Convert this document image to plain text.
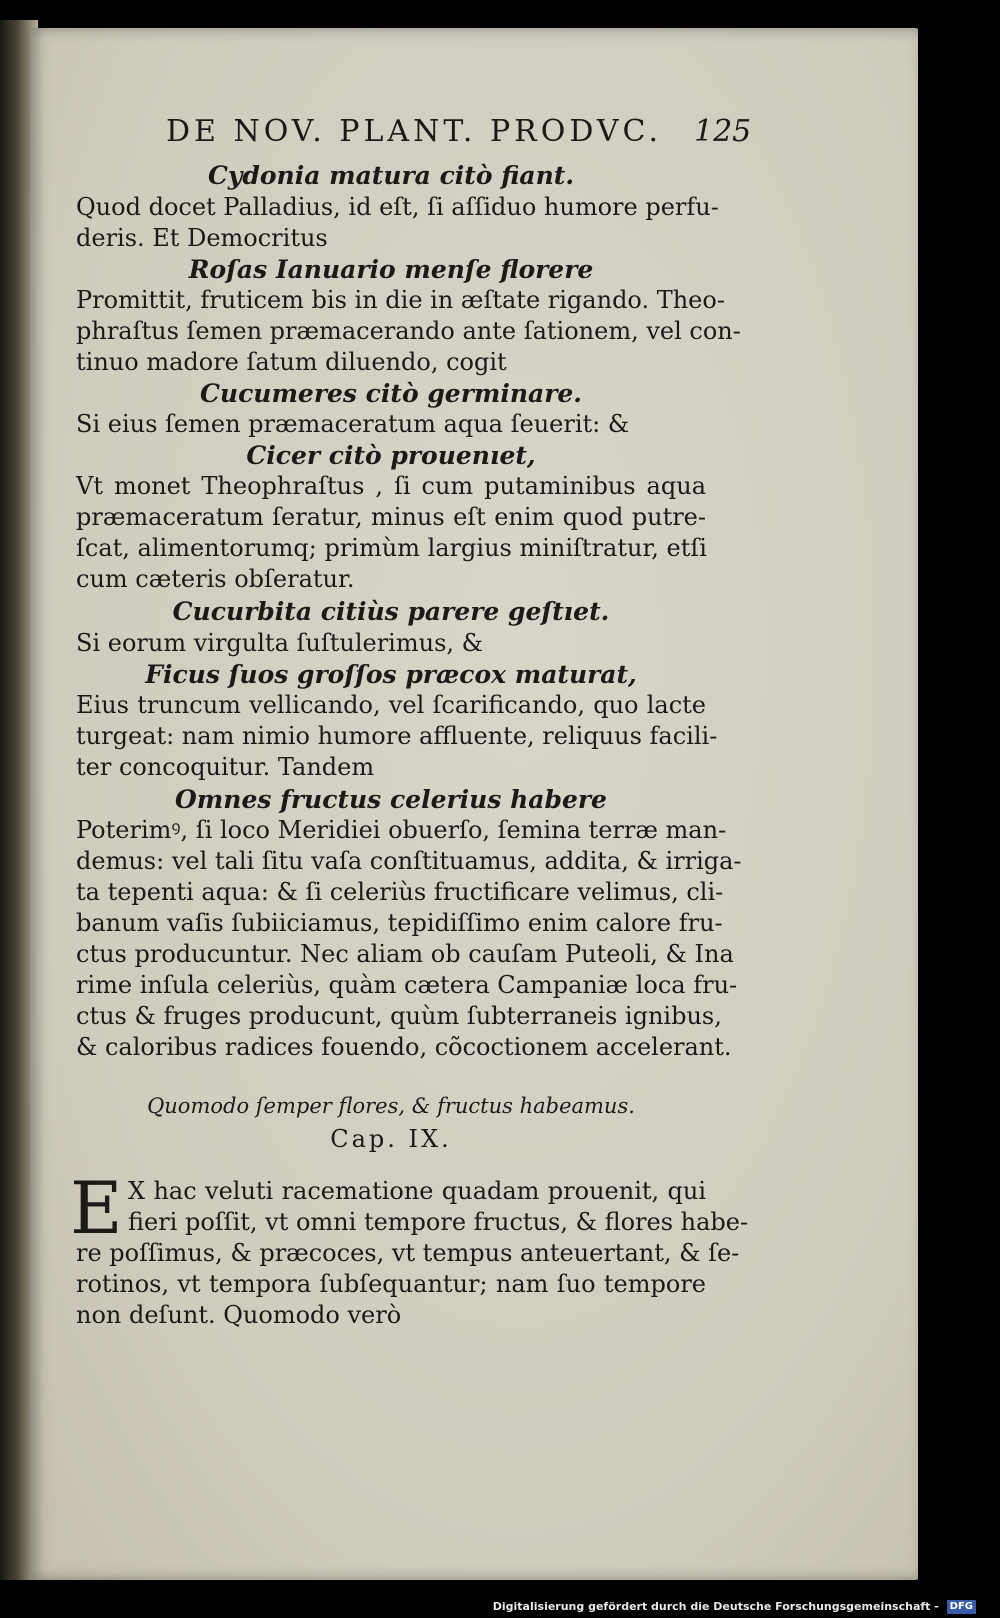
DE NOV. PLANT. PRODVC.	125
Cydonia matura citò fiant.
Quod docet Palladius, id eſt, ſi aſſiduo humore perfu-
deris. Et Democritus
Roſas Ianuario menſe florere
Promittit, fruticem bis in die in æſtate rigando. Theo-
phraſtus ſemen præmacerando ante ſationem, vel con-
tinuo madore ſatum diluendo, cogit
Cucumeres citò germinare.
Si eius ſemen præmaceratum aqua ſeuerit: &
Cicer citò prouenıet,
Vt monet Theophraſtus , ſi cum putaminibus aqua
præmaceratum ſeratur, minus eſt enim quod putre-
ſcat, alimentorumq; primùm largius miniſtratur, etſi
cum cæteris obſeratur.
Cucurbita citiùs parere geſtıet.
Si eorum virgulta ſuſtulerimus, &
Ficus ſuos groſſos præcox maturat,
Eius truncum vellicando, vel ſcarificando, quo lacte
turgeat: nam nimio humore affluente, reliquus facili-
ter concoquitur. Tandem
Omnes fructus celerius habere
Poterimꝰ, ſi loco Meridiei obuerſo, ſemina terræ man-
demus: vel tali ſitu vaſa conſtituamus, addita, & irriga-
ta tepenti aqua: & ſi celeriùs fructificare velimus, cli-
banum vaſis ſubiiciamus, tepidiſſimo enim calore fru-
ctus producuntur. Nec aliam ob cauſam Puteoli, & Ina
rime inſula celeriùs, quàm cætera Campaniæ loca fru-
ctus & fruges producunt, quùm ſubterraneis ignibus,
& caloribus radices fouendo, cõcoctionem accelerant.
Quomodo ſemper flores, & fructus habeamus.
Cap. IX.
E X hac veluti racematione quadam prouenit, qui
fieri poſſit, vt omni tempore fructus, & flores habe-
re poſſimus, & præcoces, vt tempus anteuertant, & ſe-
rotinos, vt tempora ſubſequantur; nam ſuo tempore
non deſunt. Quomodo verò
Digitalisierung gefördert durch die Deutsche Forschungsgemeinschaft - DFG
